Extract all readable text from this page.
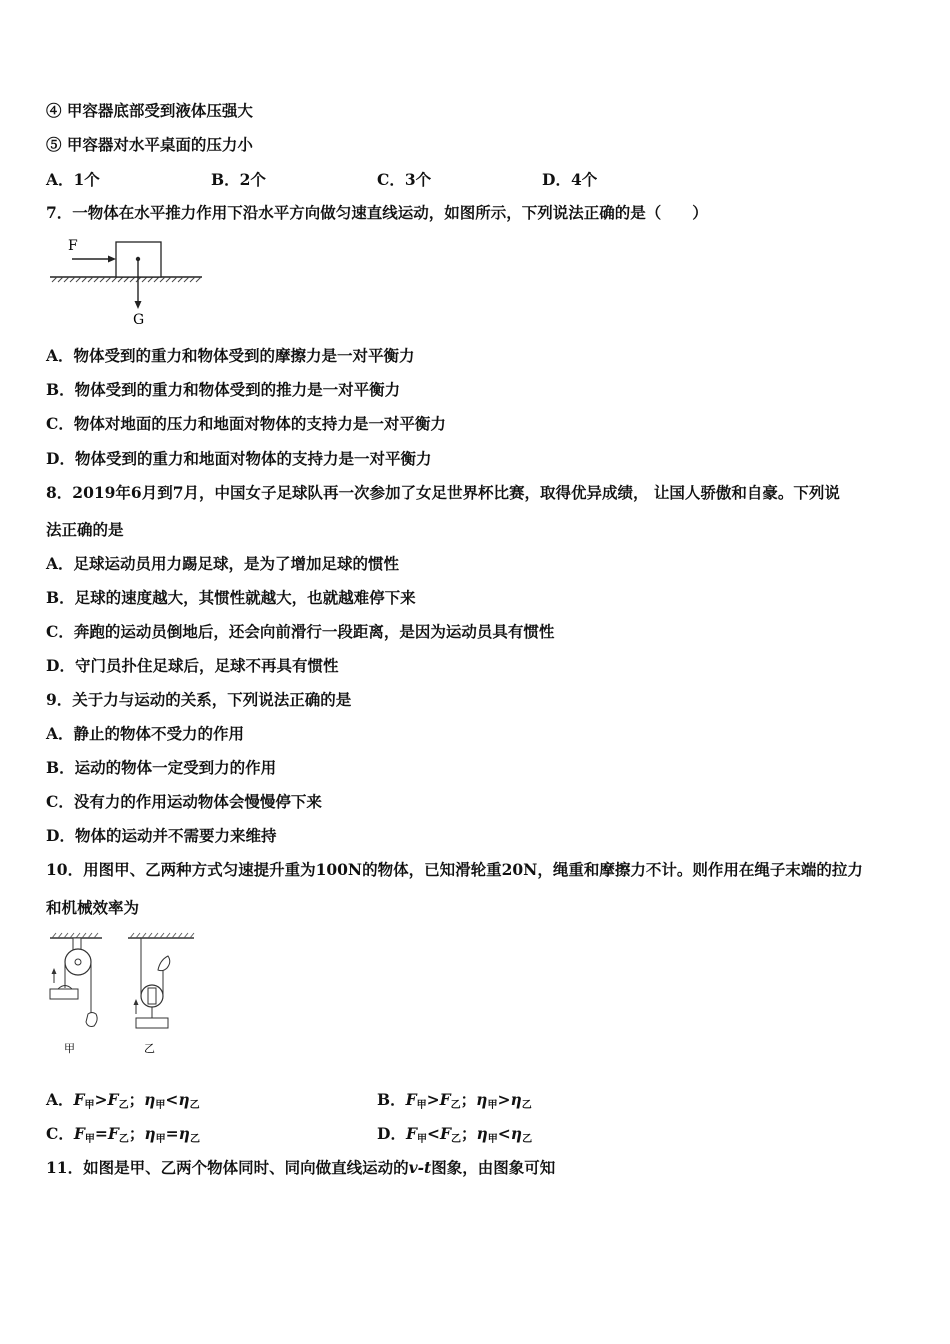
④ 甲容器底部受到液体压强大
⑤ 甲容器对水平桌面的压力小
A．1个	B．2个	C．3个	D．4个
7．一物体在水平推力作用下沿水平方向做匀速直线运动，如图所示，下列说法正确的是（　　）
F
G
A．物体受到的重力和物体受到的摩擦力是一对平衡力
B．物体受到的重力和物体受到的推力是一对平衡力
C．物体对地面的压力和地面对物体的支持力是一对平衡力
D．物体受到的重力和地面对物体的支持力是一对平衡力
8．2019年6月到7月，中国女子足球队再一次参加了女足世界杯比赛，取得优异成绩， 让国人骄傲和自豪。下列说
法正确的是
A．足球运动员用力踢足球，是为了增加足球的惯性
B．足球的速度越大，其惯性就越大，也就越难停下来
C．奔跑的运动员倒地后，还会向前滑行一段距离，是因为运动员具有惯性
D．守门员扑住足球后，足球不再具有惯性
9．关于力与运动的关系，下列说法正确的是
A．静止的物体不受力的作用
B．运动的物体一定受到力的作用
C．没有力的作用运动物体会慢慢停下来
D．物体的运动并不需要力来维持
10．用图甲、乙两种方式匀速提升重为100N的物体，已知滑轮重20N，绳重和摩擦力不计。则作用在绳子末端的拉力
和机械效率为
甲	乙
A．$F_甲>F_乙$；$\eta_甲<\eta_乙$	B．$F_甲>F_乙$；$\eta_甲>\eta_乙$
C．$F_甲=F_乙$；$\eta_甲=\eta_乙$	D．$F_甲<F_乙$；$\eta_甲<\eta_乙$
11．如图是甲、乙两个物体同时、同向做直线运动的v-t图象，由图象可知
